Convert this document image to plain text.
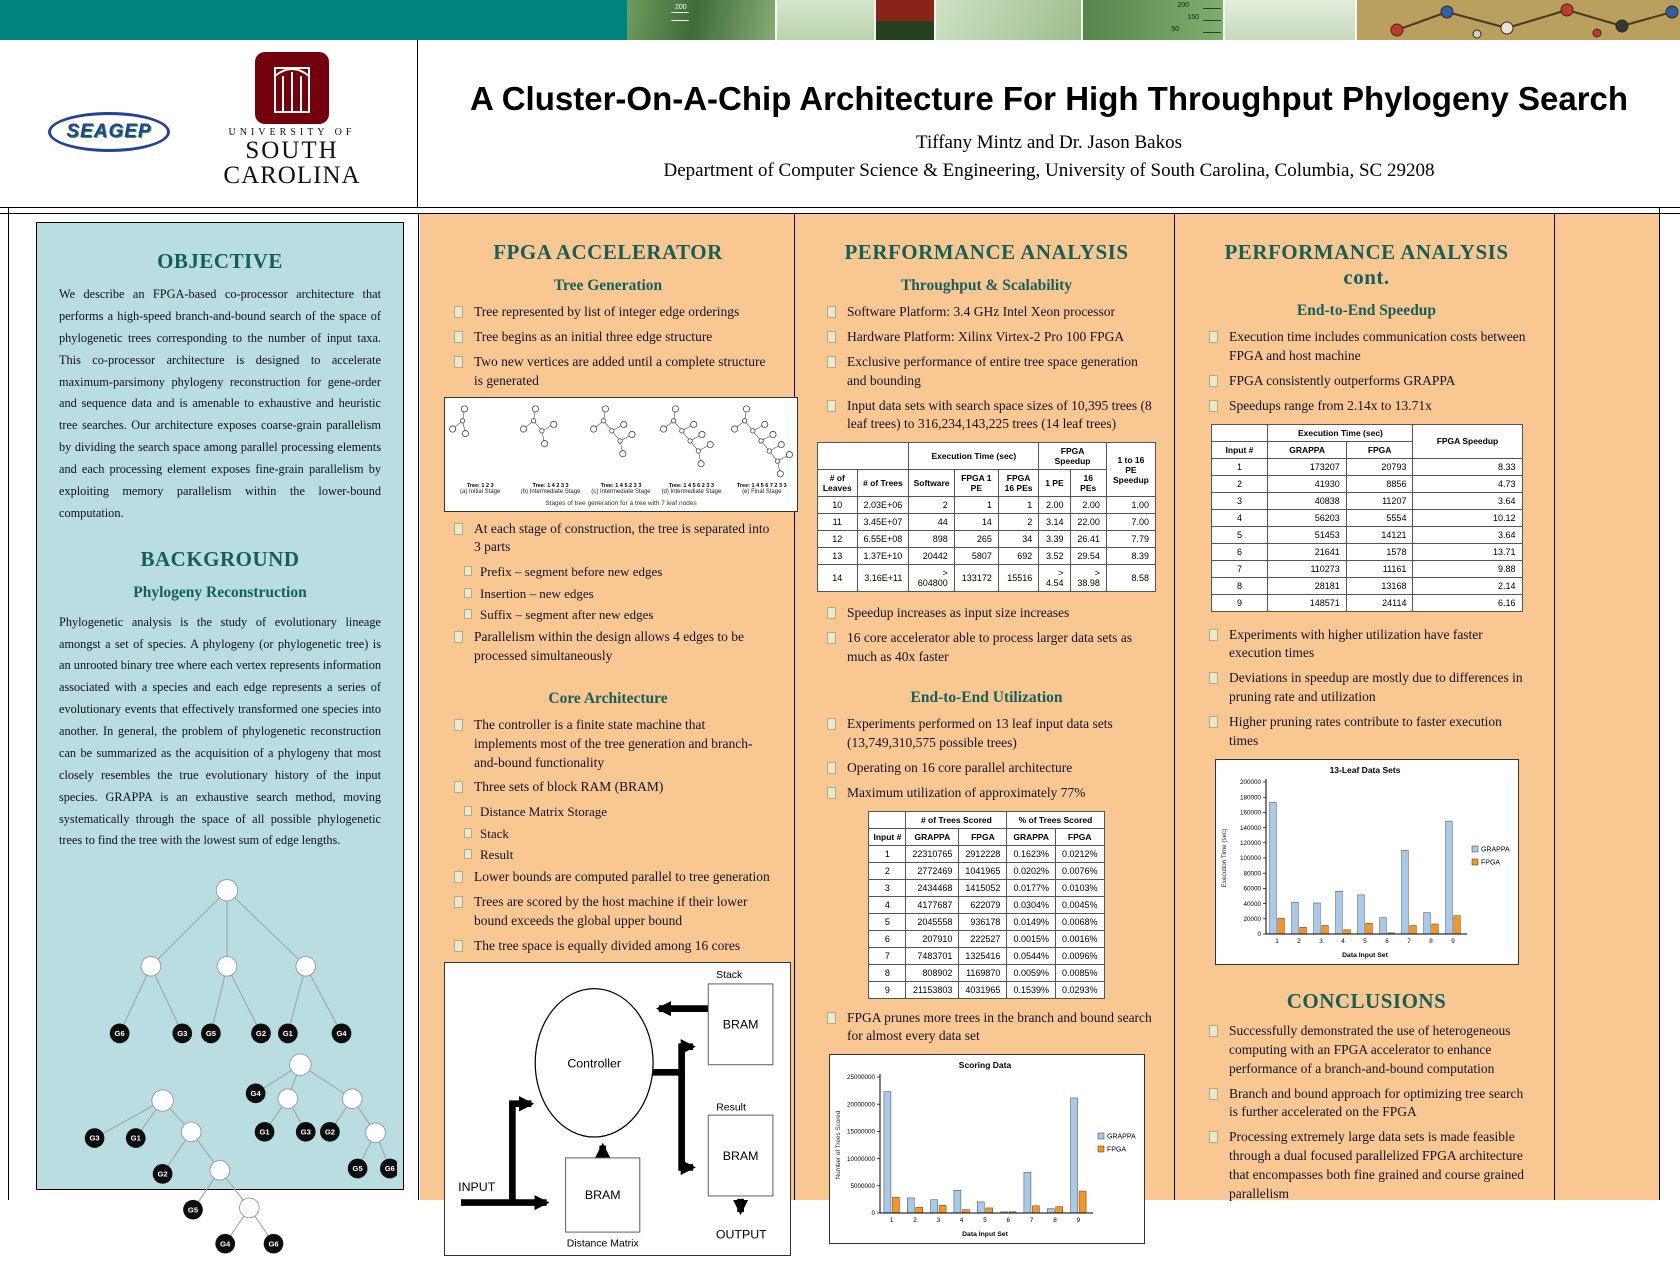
200	200
150
50
SEAGEP	UNIVERSITY OF
SOUTH
CAROLINA
A Cluster-On-A-Chip Architecture For High Throughput Phylogeny Search
Tiffany Mintz and Dr. Jason Bakos
Department of Computer Science & Engineering, University of South Carolina, Columbia, SC 29208
OBJECTIVE
We describe an FPGA-based co-processor architecture that performs a high-speed branch-and-bound search of the space of phylogenetic trees corresponding to the number of input taxa. This co-processor architecture is designed to accelerate maximum-parsimony phylogeny reconstruction for gene-order and sequence data and is amenable to exhaustive and heuristic tree searches. Our architecture exposes coarse-grain parallelism by dividing the search space among parallel processing elements and each processing element exposes fine-grain parallelism by exploiting memory parallelism within the lower-bound computation.
BACKGROUND
Phylogeny Reconstruction
Phylogenetic analysis is the study of evolutionary lineage amongst a set of species. A phylogeny (or phylogenetic tree) is an unrooted binary tree where each vertex represents information associated with a species and each edge represents a series of evolutionary events that effectively transformed one species into another. In general, the problem of phylogenetic reconstruction can be summarized as the acquisition of a phylogeny that most closely resembles the true evolutionary history of the input species. GRAPPA is an exhaustive search method, moving systematically through the space of all possible phylogenetic trees to find the tree with the lowest sum of edge lengths.
G6	G3 G5	G2 G1	G4
G3	G1
G2
G5
G4	G6
G4
G1	G3 G2
G5	G6
FPGA ACCELERATOR
Tree Generation
Tree represented by list of integer edge orderings
Tree begins as an initial three edge structure
Two new vertices are added until a complete structure is generated
Tree: 1 2 3
(a) Initial Stage
Tree: 1 4 2 3 3
(b) Intermediate Stage
Tree: 1 4 5 2 3 3
(c) Intermediate Stage
Tree: 1 4 5 6 2 3 3
(d) Intermediate Stage
Tree: 1 4 5 6 7 2 3 3
(e) Final Stage
Stages of tree generation for a tree with 7 leaf nodes
At each stage of construction, the tree is separated into 3 parts
Prefix – segment before new edges
Insertion – new edges
Suffix – segment after new edges
Parallelism within the design allows 4 edges to be processed simultaneously
Core Architecture
The controller is a finite state machine that implements most of the tree generation and branch-and-bound functionality
Three sets of block RAM (BRAM)
Distance Matrix Storage
Stack
Result
Lower bounds are computed parallel to tree generation
Trees are scored by the host machine if their lower bound exceeds the global upper bound
The tree space is equally divided among 16 cores
Controller
BRAM
BRAM
BRAM
Stack
Result
Distance Matrix
INPUT
OUTPUT
PERFORMANCE ANALYSIS
Throughput & Scalability
Software Platform: 3.4 GHz Intel Xeon processor
Hardware Platform: Xilinx Virtex-2 Pro 100 FPGA
Exclusive performance of entire tree space generation and bounding
Input data sets with search space sizes of 10,395 trees (8 leaf trees) to 316,234,143,225 trees (14 leaf trees)
		Execution Time (sec)			FPGA Speedup		1 to 16 PE Speedup
# of Leaves	# of Trees	Software	FPGA 1 PE	FPGA 16 PEs	1 PE	16 PEs	
10	2.03E+06	2	1	1	2.00	2.00	1.00
11	3.45E+07	44	14	2	3.14	22.00	7.00
12	6.55E+08	898	265	34	3.39	26.41	7.79
13	1.37E+10	20442	5807	692	3.52	29.54	8.39
14	3.16E+11	> 604800	133172	15516	> 4.54	> 38.98	8.58
Speedup increases as input size increases
16 core accelerator able to process larger data sets as much as 40x faster
End-to-End Utilization
Experiments performed on 13 leaf input data sets (13,749,310,575 possible trees)
Operating on 16 core parallel architecture
Maximum utilization of approximately 77%
	# of Trees Scored		% of Trees Scored	
Input #	GRAPPA	FPGA	GRAPPA	FPGA
1	22310765	2912228	0.1623%	0.0212%
2	2772469	1041965	0.0202%	0.0076%
3	2434468	1415052	0.0177%	0.0103%
4	4177687	622079	0.0304%	0.0045%
5	2045558	936178	0.0149%	0.0068%
6	207910	222527	0.0015%	0.0016%
7	7483701	1325416	0.0544%	0.0096%
8	808902	1169870	0.0059%	0.0085%
9	21153803	4031965	0.1539%	0.0293%
FPGA prunes more trees in the branch and bound search for almost every data set
Scoring Data
0
5000000
10000000
15000000
20000000
25000000
1	2	3	4	5	6	7	8	9
Data Input Set
Number of Trees Scored	GRAPPA
FPGA
PERFORMANCE ANALYSIS cont.
End-to-End Speedup
Execution time includes communication costs between FPGA and host machine
FPGA consistently outperforms GRAPPA
Speedups range from 2.14x to 13.71x
	Execution Time (sec)		FPGA Speedup
Input #	GRAPPA	FPGA	
1	173207	20793	8.33
2	41930	8856	4.73
3	40838	11207	3.64
4	56203	5554	10.12
5	51453	14121	3.64
6	21641	1578	13.71
7	110273	11161	9.88
8	28181	13168	2.14
9	148571	24114	6.16
Experiments with higher utilization have faster execution times
Deviations in speedup are mostly due to differences in pruning rate and utilization
Higher pruning rates contribute to faster execution times
13-Leaf Data Sets
0
20000
40000
60000
80000
100000
120000
140000
160000
180000
200000
1	2	3	4	5	6	7	8	9
Data Input Set
Execution Time (sec)	GRAPPA
FPGA
CONCLUSIONS
Successfully demonstrated the use of heterogeneous computing with an FPGA accelerator to enhance performance of a branch-and-bound computation
Branch and bound approach for optimizing tree search is further accelerated on the FPGA
Processing extremely large data sets is made feasible through a dual focused parallelized FPGA architecture that encompasses both fine grained and course grained parallelism
